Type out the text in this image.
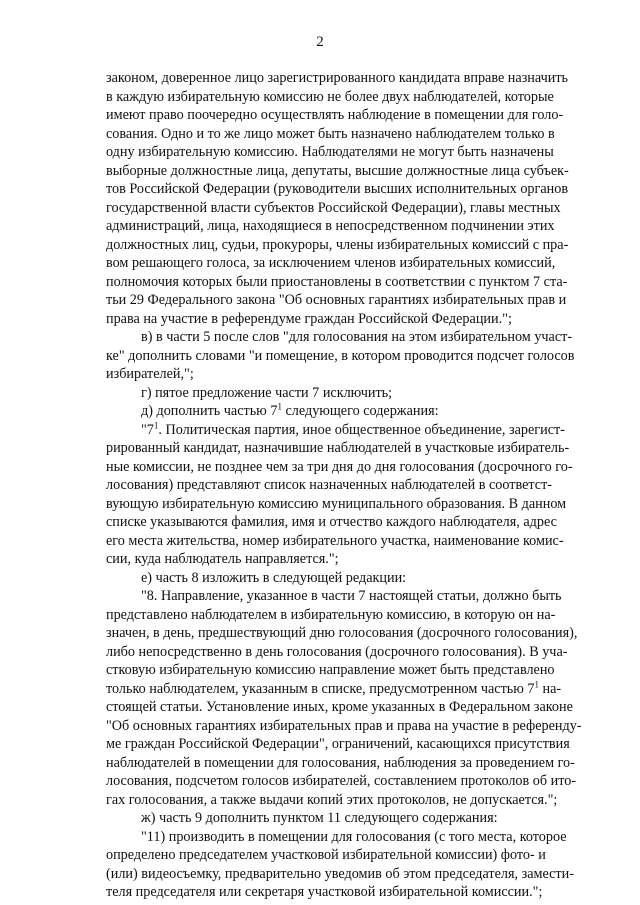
2
законом, доверенное лицо зарегистрированного кандидата вправе назначить
в каждую избирательную комиссию не более двух наблюдателей, которые
имеют право поочередно осуществлять наблюдение в помещении для голо-
сования. Одно и то же лицо может быть назначено наблюдателем только в
одну избирательную комиссию. Наблюдателями не могут быть назначены
выборные должностные лица, депутаты, высшие должностные лица субъек-
тов Российской Федерации (руководители высших исполнительных органов
государственной власти субъектов Российской Федерации), главы местных
администраций, лица, находящиеся в непосредственном подчинении этих
должностных лиц, судьи, прокуроры, члены избирательных комиссий с пра-
вом решающего голоса, за исключением членов избирательных комиссий,
полномочия которых были приостановлены в соответствии с пунктом 7 ста-
тьи 29 Федерального закона "Об основных гарантиях избирательных прав и
права на участие в референдуме граждан Российской Федерации.";
в) в части 5 после слов "для голосования на этом избирательном участ-
ке" дополнить словами "и помещение, в котором проводится подсчет голосов
избирателей,";
г) пятое предложение части 7 исключить;
д) дополнить частью $7^1$ следующего содержания:
"$7^1$. Политическая партия, иное общественное объединение, зарегист-
рированный кандидат, назначившие наблюдателей в участковые избиратель-
ные комиссии, не позднее чем за три дня до дня голосования (досрочного го-
лосования) представляют список назначенных наблюдателей в соответст-
вующую избирательную комиссию муниципального образования. В данном
списке указываются фамилия, имя и отчество каждого наблюдателя, адрес
его места жительства, номер избирательного участка, наименование комис-
сии, куда наблюдатель направляется.";
е) часть 8 изложить в следующей редакции:
"8. Направление, указанное в части 7 настоящей статьи, должно быть
представлено наблюдателем в избирательную комиссию, в которую он на-
значен, в день, предшествующий дню голосования (досрочного голосования),
либо непосредственно в день голосования (досрочного голосования). В уча-
стковую избирательную комиссию направление может быть представлено
только наблюдателем, указанным в списке, предусмотренном частью $7^1$ на-
стоящей статьи. Установление иных, кроме указанных в Федеральном законе
"Об основных гарантиях избирательных прав и права на участие в референду-
ме граждан Российской Федерации", ограничений, касающихся присутствия
наблюдателей в помещении для голосования, наблюдения за проведением го-
лосования, подсчетом голосов избирателей, составлением протоколов об ито-
гах голосования, а также выдачи копий этих протоколов, не допускается.";
ж) часть 9 дополнить пунктом 11 следующего содержания:
"11) производить в помещении для голосования (с того места, которое
определено председателем участковой избирательной комиссии) фото- и
(или) видеосъемку, предварительно уведомив об этом председателя, замести-
теля председателя или секретаря участковой избирательной комиссии.";
